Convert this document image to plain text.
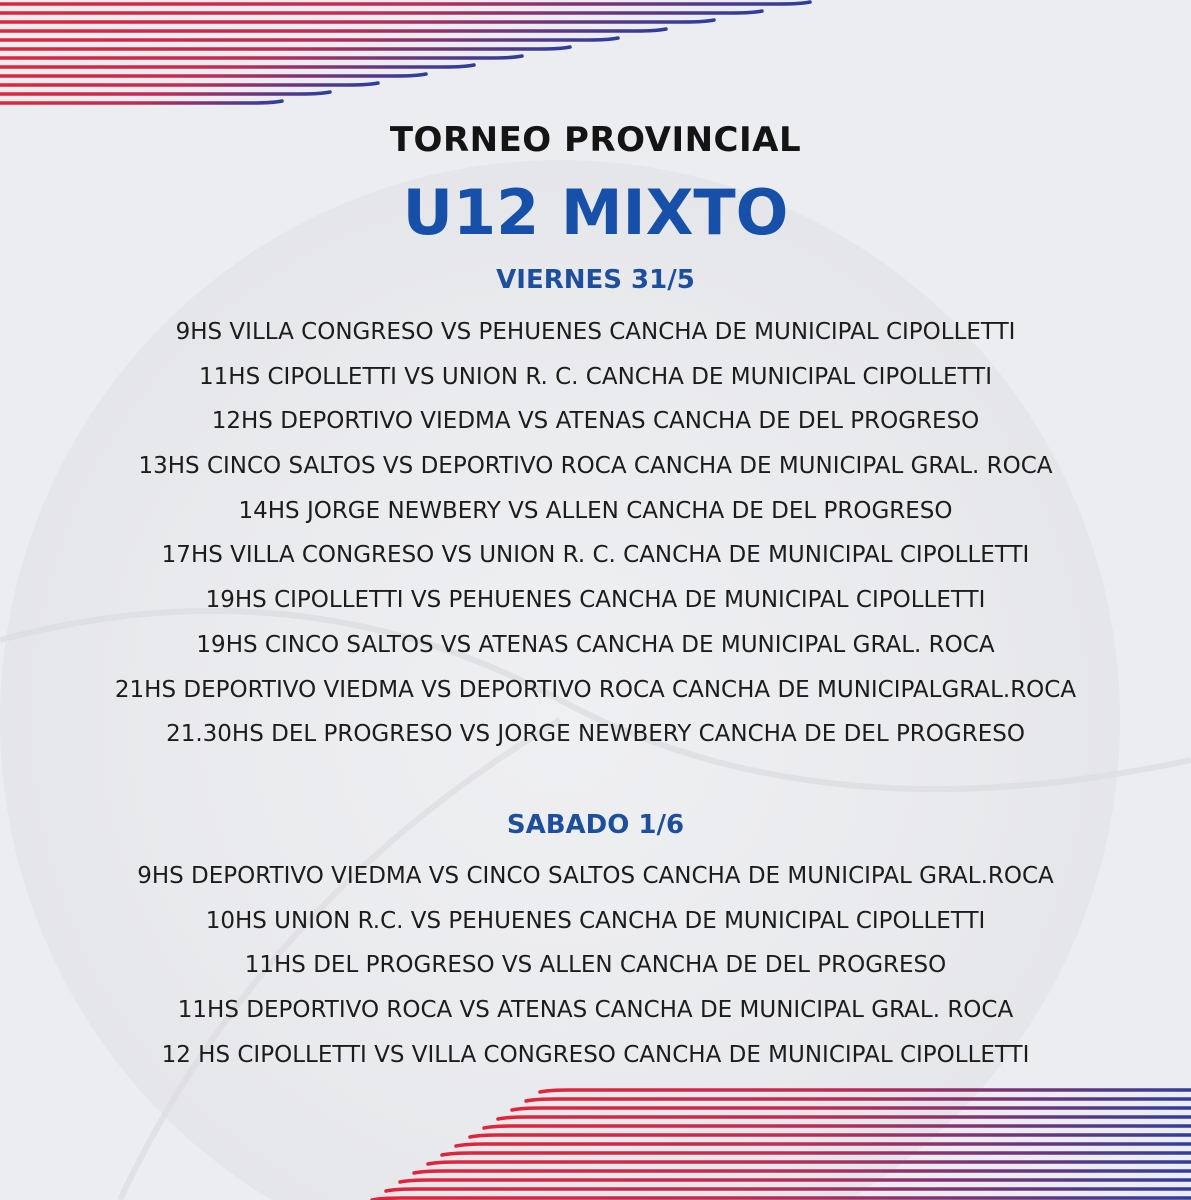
TORNEO PROVINCIAL
U12 MIXTO
VIERNES 31/5
9HS VILLA CONGRESO VS PEHUENES CANCHA DE MUNICIPAL CIPOLLETTI
11HS CIPOLLETTI VS UNION R. C. CANCHA DE MUNICIPAL CIPOLLETTI
12HS DEPORTIVO VIEDMA VS ATENAS CANCHA DE DEL PROGRESO
13HS CINCO SALTOS VS DEPORTIVO ROCA CANCHA DE MUNICIPAL GRAL. ROCA
14HS JORGE NEWBERY VS ALLEN CANCHA DE DEL PROGRESO
17HS VILLA CONGRESO VS UNION R. C. CANCHA DE MUNICIPAL CIPOLLETTI
19HS CIPOLLETTI VS PEHUENES CANCHA DE MUNICIPAL CIPOLLETTI
19HS CINCO SALTOS VS ATENAS CANCHA DE MUNICIPAL GRAL. ROCA
21HS DEPORTIVO VIEDMA VS DEPORTIVO ROCA CANCHA DE MUNICIPALGRAL.ROCA
21.30HS DEL PROGRESO VS JORGE NEWBERY CANCHA DE DEL PROGRESO
SABADO 1/6
9HS DEPORTIVO VIEDMA VS CINCO SALTOS CANCHA DE MUNICIPAL GRAL.ROCA
10HS UNION R.C. VS PEHUENES CANCHA DE MUNICIPAL CIPOLLETTI
11HS DEL PROGRESO VS ALLEN CANCHA DE DEL PROGRESO
11HS DEPORTIVO ROCA VS ATENAS CANCHA DE MUNICIPAL GRAL. ROCA
12 HS CIPOLLETTI VS VILLA CONGRESO CANCHA DE MUNICIPAL CIPOLLETTI
